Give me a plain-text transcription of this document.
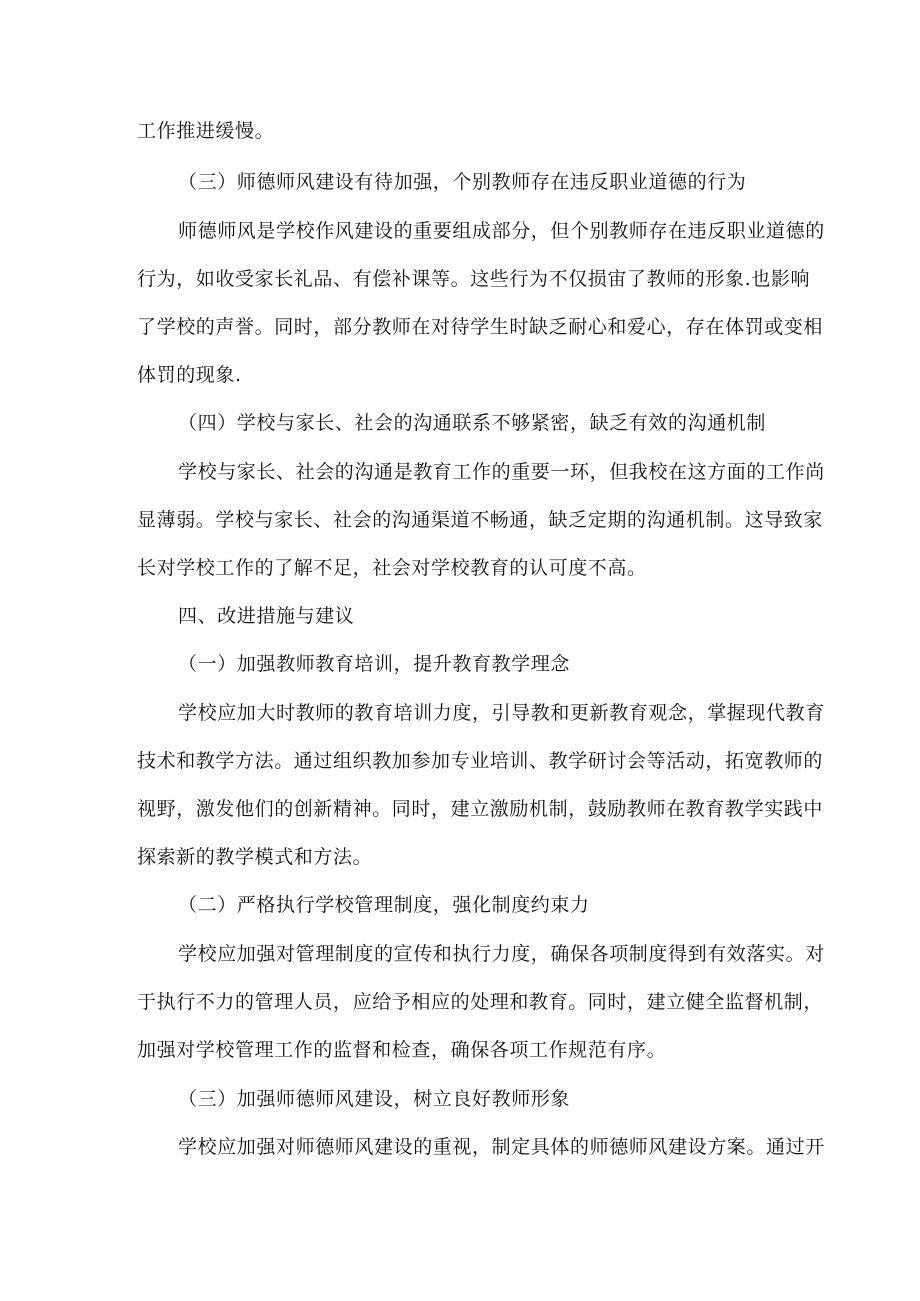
工作推进缓慢。
（三）师德师风建设有待加强，个别教师存在违反职业道德的行为
师德师风是学校作风建设的重要组成部分，但个别教师存在违反职业道德的
行为，如收受家长礼品、有偿补课等。这些行为不仅损宙了教师的形象.也影响
了学校的声誉。同时，部分教师在对待学生时缺乏耐心和爱心，存在体罚或变相
体罚的现象.
（四）学校与家长、社会的沟通联系不够紧密，缺乏有效的沟通机制
学校与家长、社会的沟通是教育工作的重要一环，但我校在这方面的工作尚
显薄弱。学校与家长、社会的沟通渠道不畅通，缺乏定期的沟通机制。这导致家
长对学校工作的了解不足，社会对学校教育的认可度不高。
四、改进措施与建议
（一）加强教师教育培训，提升教育教学理念
学校应加大时教师的教育培训力度，引导教和更新教育观念，掌握现代教育
技术和教学方法。通过组织教加参加专业培训、教学研讨会等活动，拓宽教师的
视野，激发他们的创新精神。同时，建立激励机制，鼓励教师在教育教学实践中
探索新的教学模式和方法。
（二）严格执行学校管理制度，强化制度约束力
学校应加强对管理制度的宣传和执行力度，确保各项制度得到有效落实。对
于执行不力的管理人员，应给予相应的处理和教育。同时，建立健全监督机制，
加强对学校管理工作的监督和检查，确保各项工作规范有序。
（三）加强师德师风建设，树立良好教师形象
学校应加强对师德师风建设的重视，制定具体的师德师风建设方案。通过开
